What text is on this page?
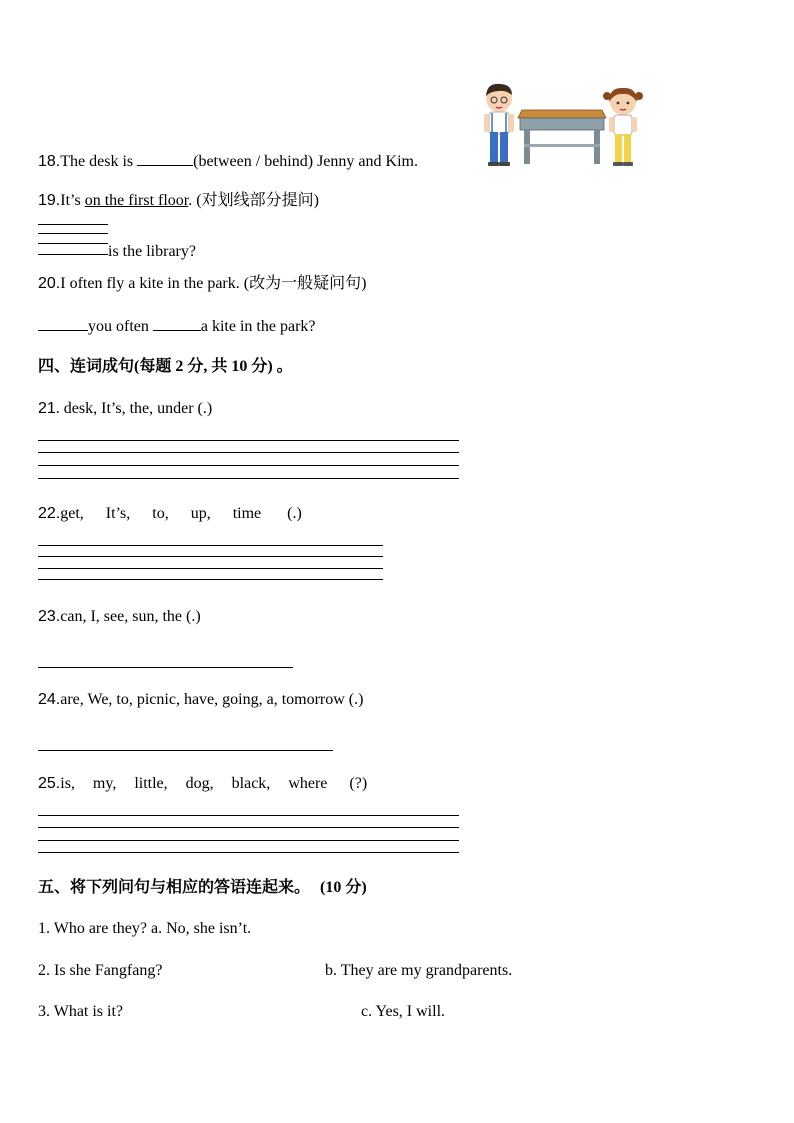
18.The desk is	(between / behind) Jenny and Kim.
19.It’s on the first floor. (对划线部分提问)
is the library?
20.I often fly a kite in the park. (改为一般疑问句)
you often	a kite in the park?
四、连词成句(每题 2 分, 共 10 分) 。
21. desk, It’s, the, under (.)
22.get, It’s, to, up, time (.)
23.can, I, see, sun, the (.)
24.are, We, to, picnic, have, going, a, tomorrow (.)
25.is, my, little, dog, black, where (?)
五、将下列问句与相应的答语连起来。 (10 分)
1. Who are they? a. No, she isn’t.
2. Is she Fangfang?	b. They are my grandparents.
3. What is it?	c. Yes, I will.
